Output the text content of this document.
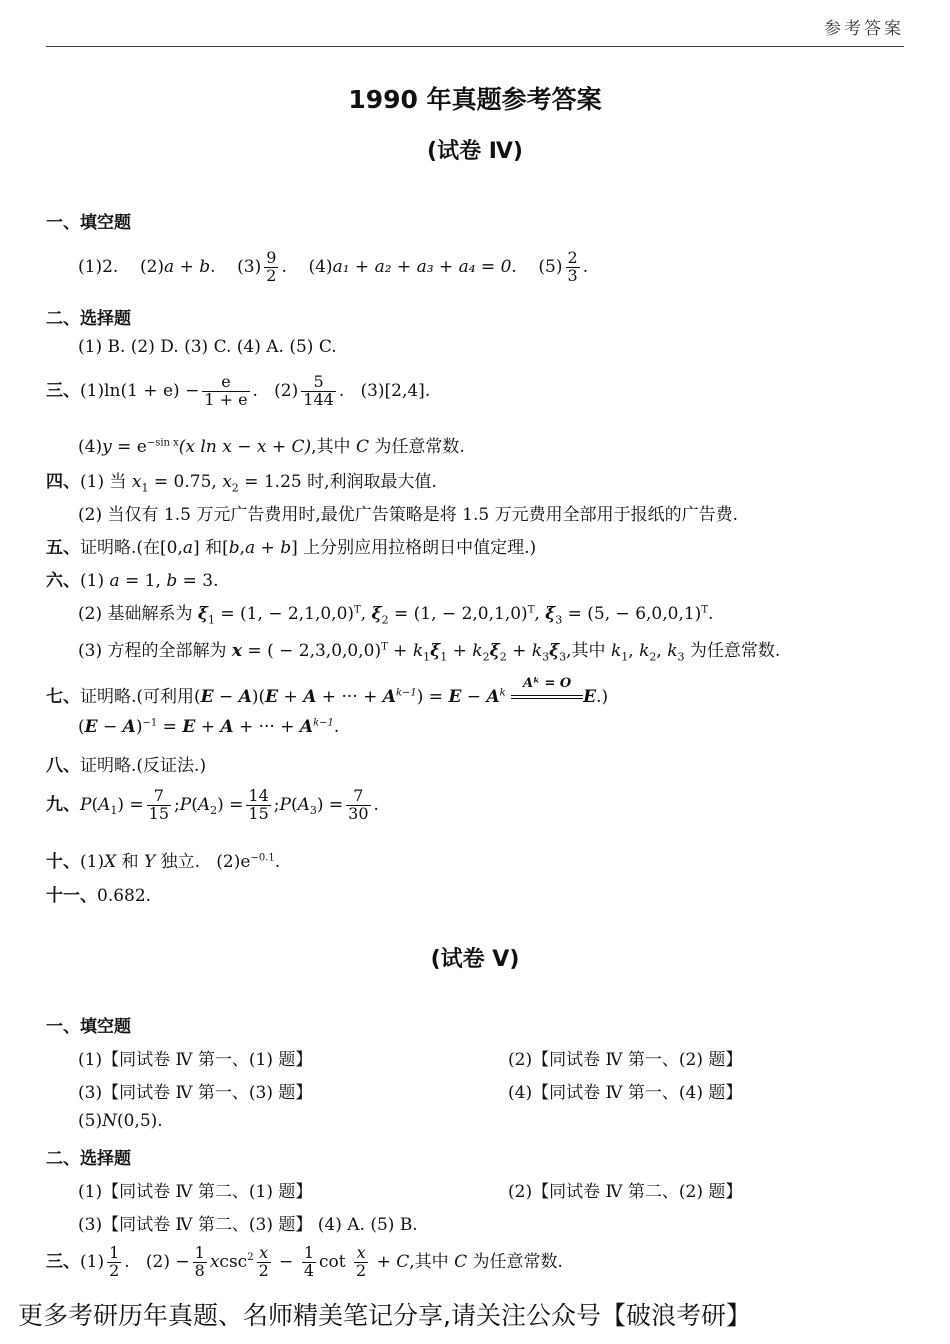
参考答案
1990 年真题参考答案
(试卷 Ⅳ)
一、填空题
(1)2. (2)a + b. $(3) \frac{9}{2}$ . (4)a₁ + a₂ + a₃ + a₄ = 0. $(5) \frac{2}{3}$ .
二、选择题
(1) B. (2) D. (3) C. (4) A. (5) C.
三、$(1)\ln(1 + e) - \frac{e}{1 + e}$ . $(2) \frac{5}{144}$ . (3)[2,4].
$(4)y = e^{-sin x}(x$ ln x − x + C),其中 C 为任意常数.
四、(1) 当 $x_1 = 0.75$, $x_2 = 1.25$ 时,利润取最大值.
(2) 当仅有 1.5 万元广告费用时,最优广告策略是将 1.5 万元费用全部用于报纸的广告费.
五、证明略.(在[0,a] 和[b,a + b] 上分别应用拉格朗日中值定理.)
六、(1) a = 1, b = 3.
(2) 基础解系为 $\xi_1 = (1$, − 2,1,0,0)$^T$, $\xi_2 = (1$, − 2,0,1,0)$^T$, $\xi_3 = (5$, − 6,0,0,1)$^T$.
(3) 方程的全部解为 x = ( − $2,3,0,0,0)^T + k_1\xi_1 + k_2\xi_2 + k_3\xi_3$,其中 $k_1$, $k_2$, $k_3$ 为任意常数.
七、证明略.(可利用(E − A)(E + A + ··· + $A^{k-1}) = E - A^k$
Aᵏ = O
E.)
$(E - A)^{-1} = E + A$ + ··· + $A^{k-1}$.
八、证明略.(反证法.)
九、$P(A_1) = \frac{7}{15}$ $;P(A_2) = \frac{14}{15}$ $;P(A_3) = \frac{7}{30}$ .
十、(1)X 和 Y 独立. $(2)e^{-0.1}$.
十一、0.682.
(试卷 Ⅴ)
一、填空题
(1)【同试卷 Ⅳ 第一、(1) 题】	(2)【同试卷 Ⅳ 第一、(2) 题】
(3)【同试卷 Ⅳ 第一、(3) 题】	(4)【同试卷 Ⅳ 第一、(4) 题】
(5)N(0,5).
二、选择题
(1)【同试卷 Ⅳ 第二、(1) 题】	(2)【同试卷 Ⅳ 第二、(2) 题】
(3)【同试卷 Ⅳ 第二、(3) 题】 (4) A. (5) B.
三、$(1) \frac{1}{2}$ . $(2) - \frac{1}{8} xcsc^2 \frac{x}{2} - \frac{1}{4}$ $\cot \frac{x}{2} + C$,其中 C 为任意常数.
更多考研历年真题、名师精美笔记分享,请关注公众号【破浪考研】
